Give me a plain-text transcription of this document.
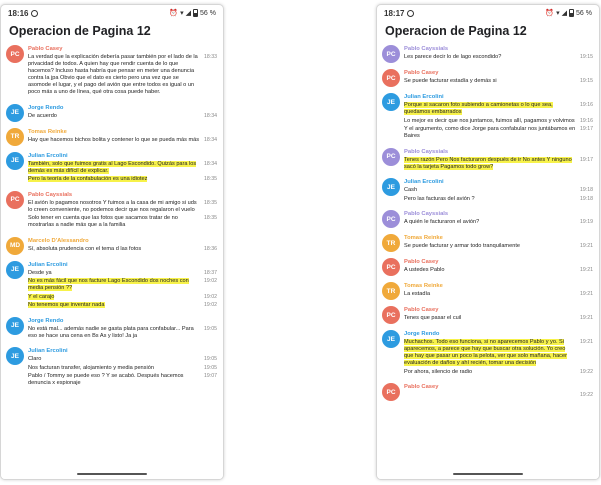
18:16	⏰ ▾ ◢ 56 %
Operacion de Pagina 12
PC
Pablo Casey
La verdad que la explicación debería pasar también por el lado de la privacidad de todos. A quien hay que rendir cuenta de lo que hacemos? Incluso hasta habría que pensar en meter una denuncia contra la jpa Obvio que el dato es cierto pero una vez que se asomode el lugar, y el pago del avión que entre todos es igual o un poco más a uno de línea, qué otra cosa puede haber.
18:33
JE
Jorge Rendo
De acuerdo	18:34
TR
Tomas Reinke
Hay que hacemos bichos bolita y contener lo que se pueda más más 18:34
JE
Julian Ercolini
También, solo que fuimos gratis al Lago Escondido. Quizás para los demás es más difícil de explicar.
18:34
Pero la teoría de la confabulación es una idiotez	18:35
PC
Pablo Cayssials
El avión lo pagamos nosotros Y fuimos a la casa de mi amigo si uds lo creen conveniente, no podemos decir que nos regalaron el vuelo
18:35
Solo tener en cuenta que las fotos que sacamos tratar de no mostrarlas a nadie más que a la familia
18:35
MD
Marcelo D'Alessandro
Sí, absoluta prudencia con el tema d las fotos	18:36
JE
Julian Ercolini
Desde ya	18:37
No es más fácil que nos facture Lago Escondido dos noches con media pensión ??
19:02
Y el carajo	19:02
No tenemos que inventar nada	19:02
JE
Jorge Rendo
No está mal... además nadie se gasta plata para confabular... Para eso se hace una cena en Bs As y listo! Ja ja
19:05
JE
Julian Ercolini
Claro	19:05
Nos facturan transfer, alojamiento y media pensión	19:05
Pablo / Tommy se puede eso ? Y se acabó. Después hacemos denuncia x espionaje
19:07
18:17	⏰ ▾ ◢ 56 %
Operacion de Pagina 12
PC
Pablo Cayssials
Les parece decir lo de lago escondido?	19:15
PC
Pablo Casey
Se puede facturar estadía y demás si	19:15
JE
Julian Ercolini
Porque si sacaron foto subiendo a camionetas o lo que sea, quedamos embarrados
19:16
Lo mejor es decir que nos juntamos, fuimos allí, pagamos y volvimos	19:16
Y el argumento, como dice Jorge para confabular nos juntábamos en Baires
19:17
PC
Pablo Cayssials
Tenes razón Pero Nos facturaron después de ir No antes Y ninguno sacó la tarjeta Pagamos todo grow?
19:17
JE
Julian Ercolini
Cash	19:18
Pero las facturas del avión ?	19:18
PC
Pablo Cayssials
A quién le facturaron el avión?	19:19
TR
Tomas Reinke
Se puede facturar y armar todo tranquilamente	19:21
PC
Pablo Casey
A ustedes Pablo	19:21
TR
Tomas Reinke
La estadía	19:21
PC
Pablo Casey
Tenes que pasar el cuil	19:21
JE
Jorge Rendo
Muchachos. Todo eso funciona, si no aparecemos Pablo y yo. Si aparecemos, a parece que hay que buscar otra solución. Yo creo que hay que pasar un poco la pelota, ver que solo mañana, hacer evaluación de daños y ahí recién, tomar una decisión
19:21
Por ahora, silencio de radio	19:22
PC
Pablo Casey
19:22
